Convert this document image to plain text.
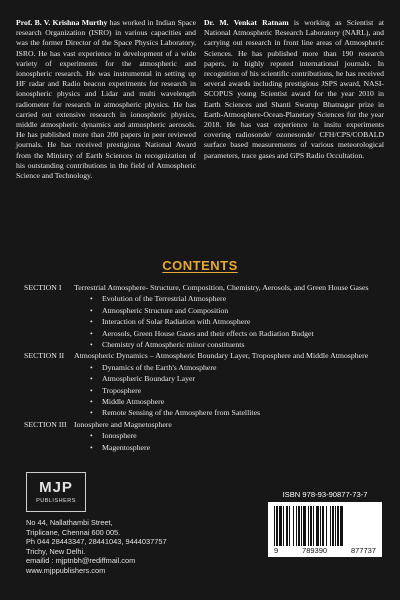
Prof. B. V. Krishna Murthy has worked in Indian Space research Organization (ISRO) in various capacities and was the former Director of the Space Physics Laboratory, ISRO. He has vast experience in development of a wide variety of experiments for the atmospheric and ionospheric research. He was instrumental in setting up HF radar and Radio beacon experiments for research in ionospheric physics and Lidar and multi wavelength radiometer for research in atmospheric physics. He has carried out extensive research in ionospheric physics, middle atmospheric dynamics and atmospheric aerosols. He has published more than 200 papers in peer reviewed journals. He has received prestigious National Award from the Ministry of Earth Sciences in recognization of his outstanding contributions in the field of Atmospheric Science and Technology.
Dr. M. Venkat Ratnam is working as Scientist at National Atmospheric Research Laboratory (NARL), and carrying out research in front line areas of Atmospheric Sciences. He has published more than 190 research papers, in highly reputed international journals. In recognition of his scientific contributions, he has received several awards including prestigious JSPS award, NASI-SCOPUS young Scientist award for the year 2010 in Earth Sciences and Shanti Swarup Bhatnagar prize in Earth-Atmosphere-Ocean-Planetary Sciences for the year 2018. He has vast experience in insitu experiments covering radiosonde/ ozonesonde/ CFH/CPS/COBALD surface based measurements of various meteorological parameters, trace gases and GPS Radio Occultation.
CONTENTS
SECTION I	Terrestrial Atmosphere- Structure, Composition, Chemistry, Aerosols, and Green House Gases
• Evolution of the Terrestrial Atmosphere
• Atmospheric Structure and Composition
• Interaction of Solar Radiation with Atmosphere
• Aerosols, Green House Gases and their effects on Radiation Budget
• Chemistry of Atmospheric minor constituents
SECTION II	Atmospheric Dynamics – Atmospheric Boundary Layer, Troposphere and Middle Atmosphere
• Dynamics of the Earth's Atmosphere
• Atmospheric Boundary Layer
• Troposphere
• Middle Atmosphere
• Remote Sensing of the Atmosphere from Satellites
SECTION III Ionosphere and Magnetosphere
• Ionosphere
• Magentosphere
MJP
PUBLISHERS
No 44, Nallathambi Street,
Triplicane, Chennai 600 005.
Ph 044 28443347, 28441043, 9444037757
Trichy, New Delhi.
emailid : mjptnbh@rediffmail.com
www.mjppublishers.com
ISBN 978-93-90877-73-7
9	789390	877737
